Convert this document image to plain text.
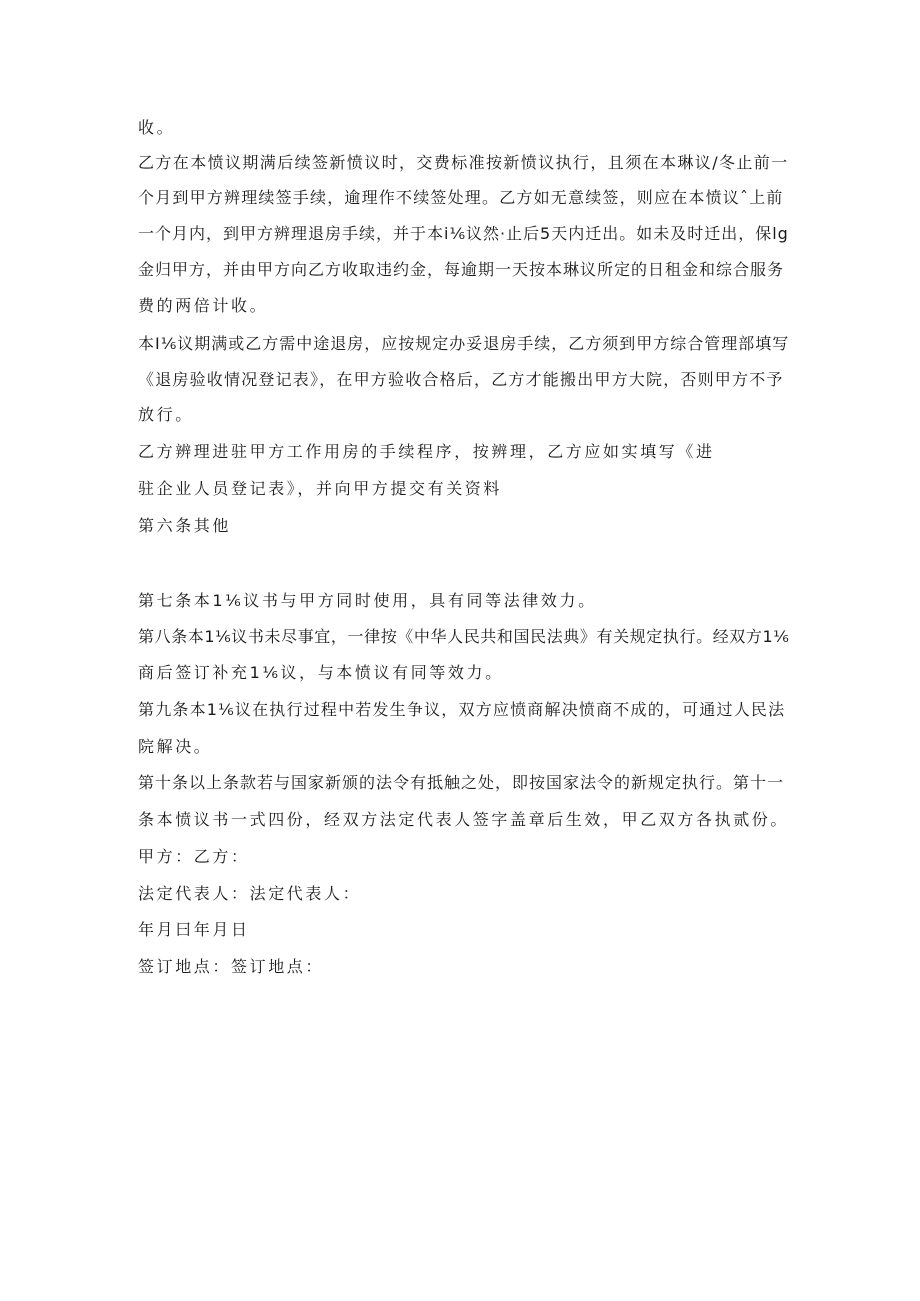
收。
乙方在本愤议期满后续签新愤议时，交费标准按新愤议执行，且须在本琳议/冬止前一
个月到甲方辨理续签手续，逾理作不续签处理。乙方如无意续签，则应在本愤议ˆ上前
一个月内，到甲方辨理退房手续，并于本i⅙议然·止后5天内迁出。如未及时迁出，保lg
金归甲方，并由甲方向乙方收取违约金，每逾期一天按本琳议所定的日租金和综合服务
费的两倍计收。
本I⅙议期满或乙方需中途退房，应按规定办妥退房手续，乙方须到甲方综合管理部填写
《退房验收情况登记表》，在甲方验收合格后，乙方才能搬出甲方大院，否则甲方不予
放行。
乙方辨理进驻甲方工作用房的手续程序，按辨理，乙方应如实填写《进
驻企业人员登记表》，并向甲方提交有关资料
第六条其他
第七条本1⅙议书与甲方同时使用，具有同等法律效力。
第八条本1⅙议书未尽事宜，一律按《中华人民共和国民法典》有关规定执行。经双方1⅙
商后签订补充1⅙议，与本愤议有同等效力。
第九条本1⅙议在执行过程中若发生争议，双方应愤商解决愤商不成的，可通过人民法
院解决。
第十条以上条款若与国家新颁的法令有抵触之处，即按国家法令的新规定执行。第十一
条本愤议书一式四份，经双方法定代表人签字盖章后生效，甲乙双方各执贰份。
甲方：乙方：
法定代表人：法定代表人：
年月曰年月日
签订地点：签订地点：
